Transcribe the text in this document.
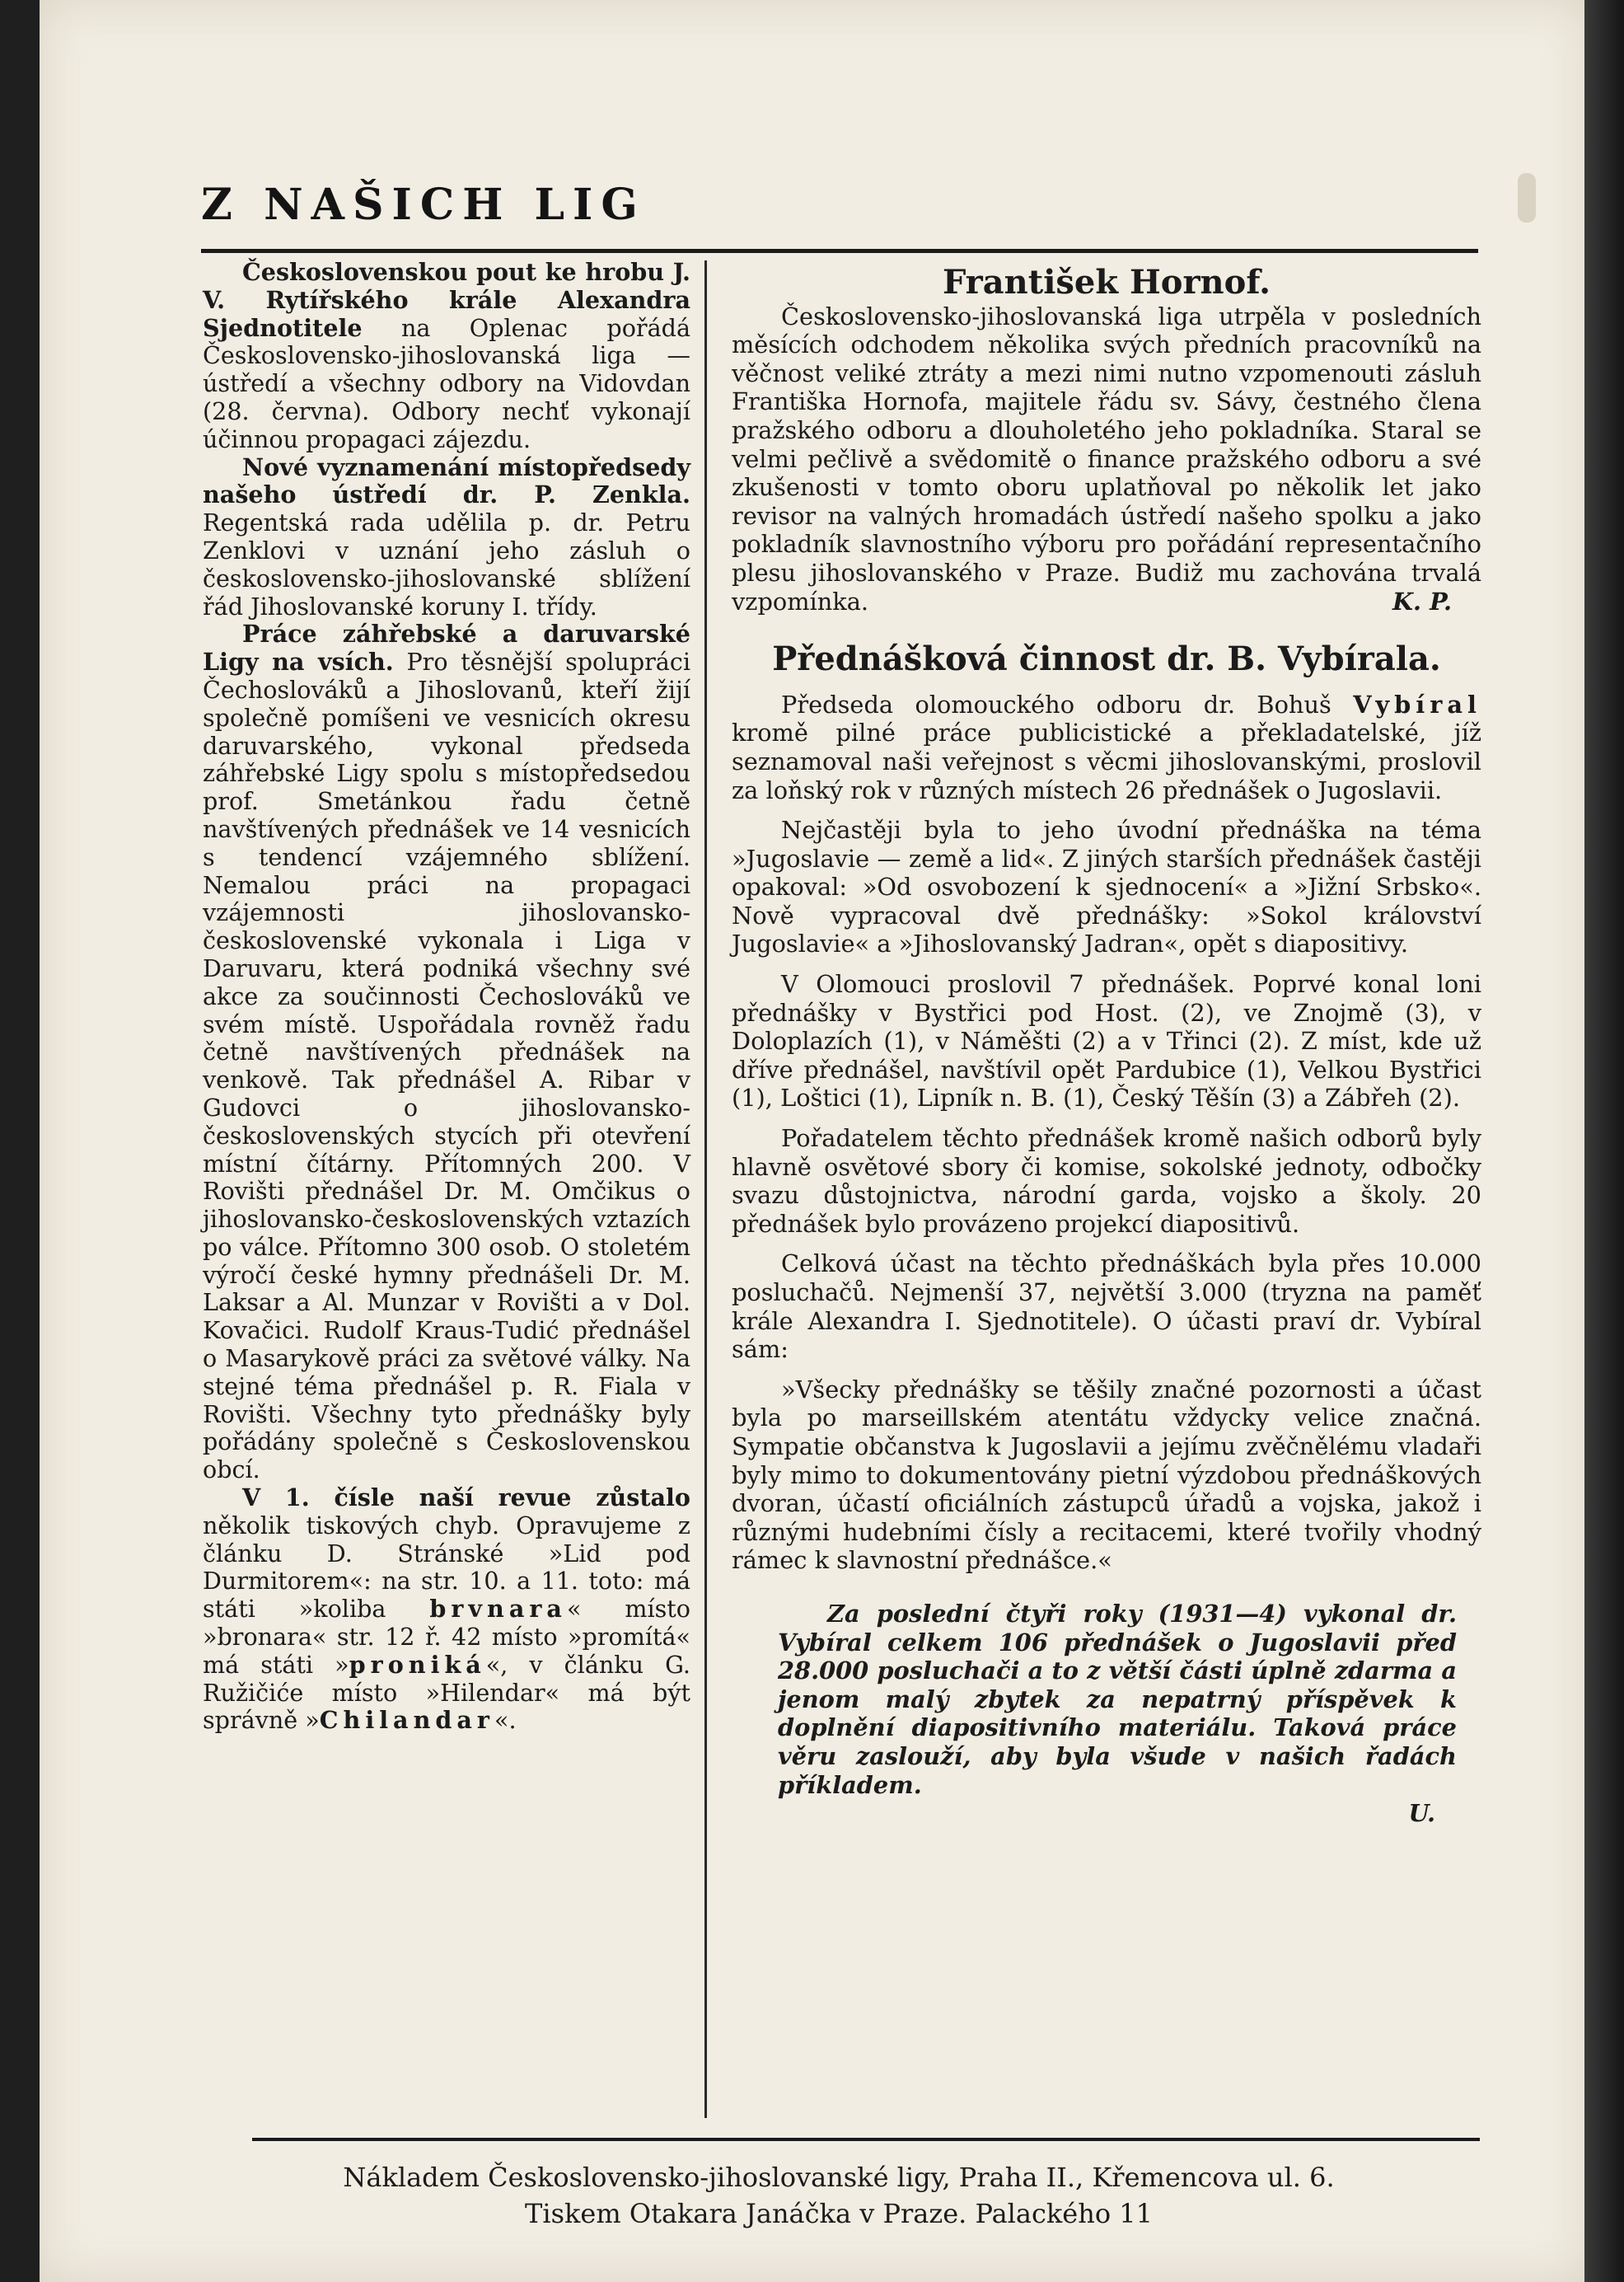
Z NAŠICH LIG

Československou pout ke hrobu J. V. Rytířského krále Alexandra Sjednotitele na Oplenac pořádá Československo-jihoslovanská liga — ústředí a všechny odbory na Vidovdan (28. června). Odbory nechť vykonají účinnou propagaci zájezdu.

Nové vyznamenání místopředsedy našeho ústředí dr. P. Zenkla. Regentská rada udělila p. dr. Petru Zenklovi v uznání jeho zásluh o československo-jihoslovanské sblížení řád Jihoslovanské koruny I. třídy.

Práce záhřebské a daruvarské Ligy na vsích. Pro těsnější spolupráci Čechoslováků a Jihoslovanů, kteří žijí společně pomíšeni ve vesnicích okresu daruvarského, vykonal předseda záhřebské Ligy spolu s místopředsedou prof. Smetánkou řadu četně navštívených přednášek ve 14 vesnicích s tendencí vzájemného sblížení. Nemalou práci na propagaci vzájemnosti jihoslovansko-československé vykonala i Liga v Daruvaru, která podniká všechny své akce za součinnosti Čechoslováků ve svém místě. Uspořádala rovněž řadu četně navštívených přednášek na venkově. Tak přednášel A. Ribar v Gudovci o jihoslovansko-československých stycích při otevření místní čítárny. Přítomných 200. V Rovišti přednášel Dr. M. Omčikus o jihoslovansko-československých vztazích po válce. Přítomno 300 osob. O stoletém výročí české hymny přednášeli Dr. M. Laksar a Al. Munzar v Rovišti a v Dol. Kovačici. Rudolf Kraus-Tudić přednášel o Masarykově práci za světové války. Na stejné téma přednášel p. R. Fiala v Rovišti. Všechny tyto přednášky byly pořádány společně s Československou obcí.

V 1. čísle naší revue zůstalo několik tiskových chyb. Opravujeme z článku D. Stránské »Lid pod Durmitorem«: na str. 10. a 11. toto: má státi »koliba brvnara« místo »bronara« str. 12 ř. 42 místo »promítá« má státi »proniká«, v článku G. Ružičiće místo »Hilendar« má být správně »Chilandar«.

František Hornof.

Československo-jihoslovanská liga utrpěla v posledních měsících odchodem několika svých předních pracovníků na věčnost veliké ztráty a mezi nimi nutno vzpomenouti zásluh Františka Hornofa, majitele řádu sv. Sávy, čestného člena pražského odboru a dlouholetého jeho pokladníka. Staral se velmi pečlivě a svědomitě o finance pražského odboru a své zkušenosti v tomto oboru uplatňoval po několik let jako revisor na valných hromadách ústředí našeho spolku a jako pokladník slavnostního výboru pro pořádání representačního plesu jihoslovanského v Praze. Budiž mu zachována trvalá vzpomínka.	K. P.

Přednášková činnost dr. B. Vybírala.

Předseda olomouckého odboru dr. Bohuš Vybíral kromě pilné práce publicistické a překladatelské, jíž seznamoval naši veřejnost s věcmi jihoslovanskými, proslovil za loňský rok v různých místech 26 přednášek o Jugoslavii.

Nejčastěji byla to jeho úvodní přednáška na téma »Jugoslavie — země a lid«. Z jiných starších přednášek častěji opakoval: »Od osvobození k sjednocení« a »Jižní Srbsko«. Nově vypracoval dvě přednášky: »Sokol království Jugoslavie« a »Jihoslovanský Jadran«, opět s diapositivy.

V Olomouci proslovil 7 přednášek. Poprvé konal loni přednášky v Bystřici pod Host. (2), ve Znojmě (3), v Doloplazích (1), v Náměšti (2) a v Třinci (2). Z míst, kde už dříve přednášel, navštívil opět Pardubice (1), Velkou Bystřici (1), Loštici (1), Lipník n. B. (1), Český Těšín (3) a Zábřeh (2).

Pořadatelem těchto přednášek kromě našich odborů byly hlavně osvětové sbory či komise, sokolské jednoty, odbočky svazu důstojnictva, národní garda, vojsko a školy. 20 přednášek bylo provázeno projekcí diapositivů.

Celková účast na těchto přednáškách byla přes 10.000 posluchačů. Nejmenší 37, největší 3.000 (tryzna na paměť krále Alexandra I. Sjednotitele). O účasti praví dr. Vybíral sám:

»Všecky přednášky se těšily značné pozornosti a účast byla po marseillském atentátu vždycky velice značná. Sympatie občanstva k Jugoslavii a jejímu zvěčnělému vladaři byly mimo to dokumentovány pietní výzdobou přednáškových dvoran, účastí oficiálních zástupců úřadů a vojska, jakož i různými hudebními čísly a recitacemi, které tvořily vhodný rámec k slavnostní přednášce.«

Za poslední čtyři roky (1931—4) vykonal dr. Vybíral celkem 106 přednášek o Jugoslavii před 28.000 posluchači a to z větší části úplně zdarma a jenom malý zbytek za nepatrný příspěvek k doplnění diapositivního materiálu. Taková práce věru zaslouží, aby byla všude v našich řadách příkladem.
U.

Nákladem Československo-jihoslovanské ligy, Praha II., Křemencova ul. 6.
Tiskem Otakara Janáčka v Praze. Palackého 11
